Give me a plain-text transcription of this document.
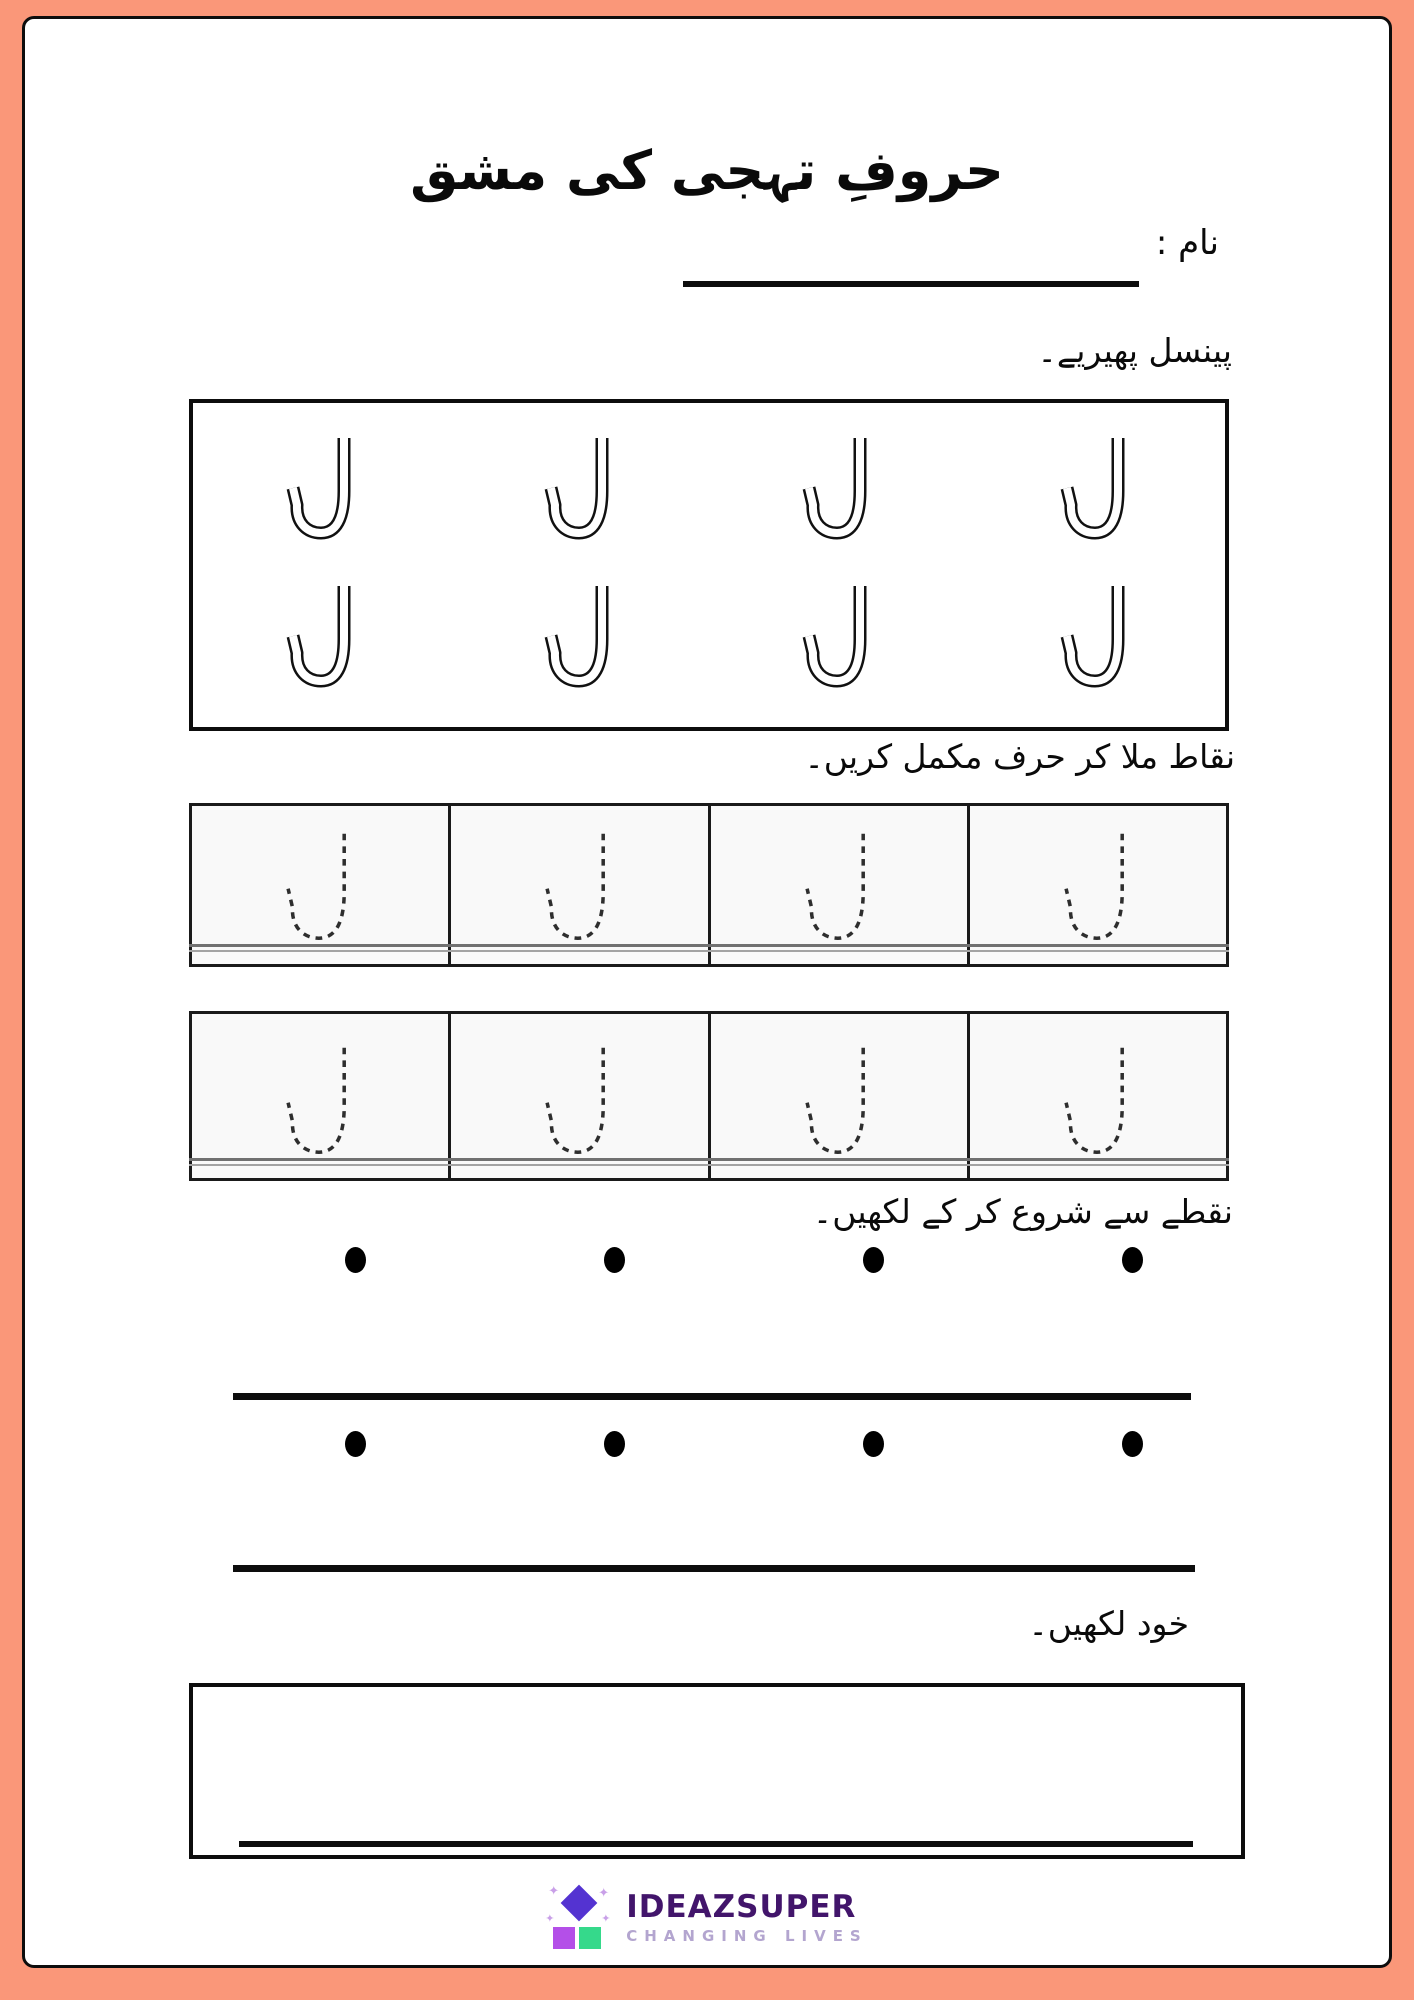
حروفِ تہجی کی مشق
نام :
پینسل پھیریے۔
نقاط ملا کر حرف مکمل کریں۔
نقطے سے شروع کر کے لکھیں۔
خود لکھیں۔
✦	✦
✦	✦ IDEAZSUPER
CHANGING LIVES
